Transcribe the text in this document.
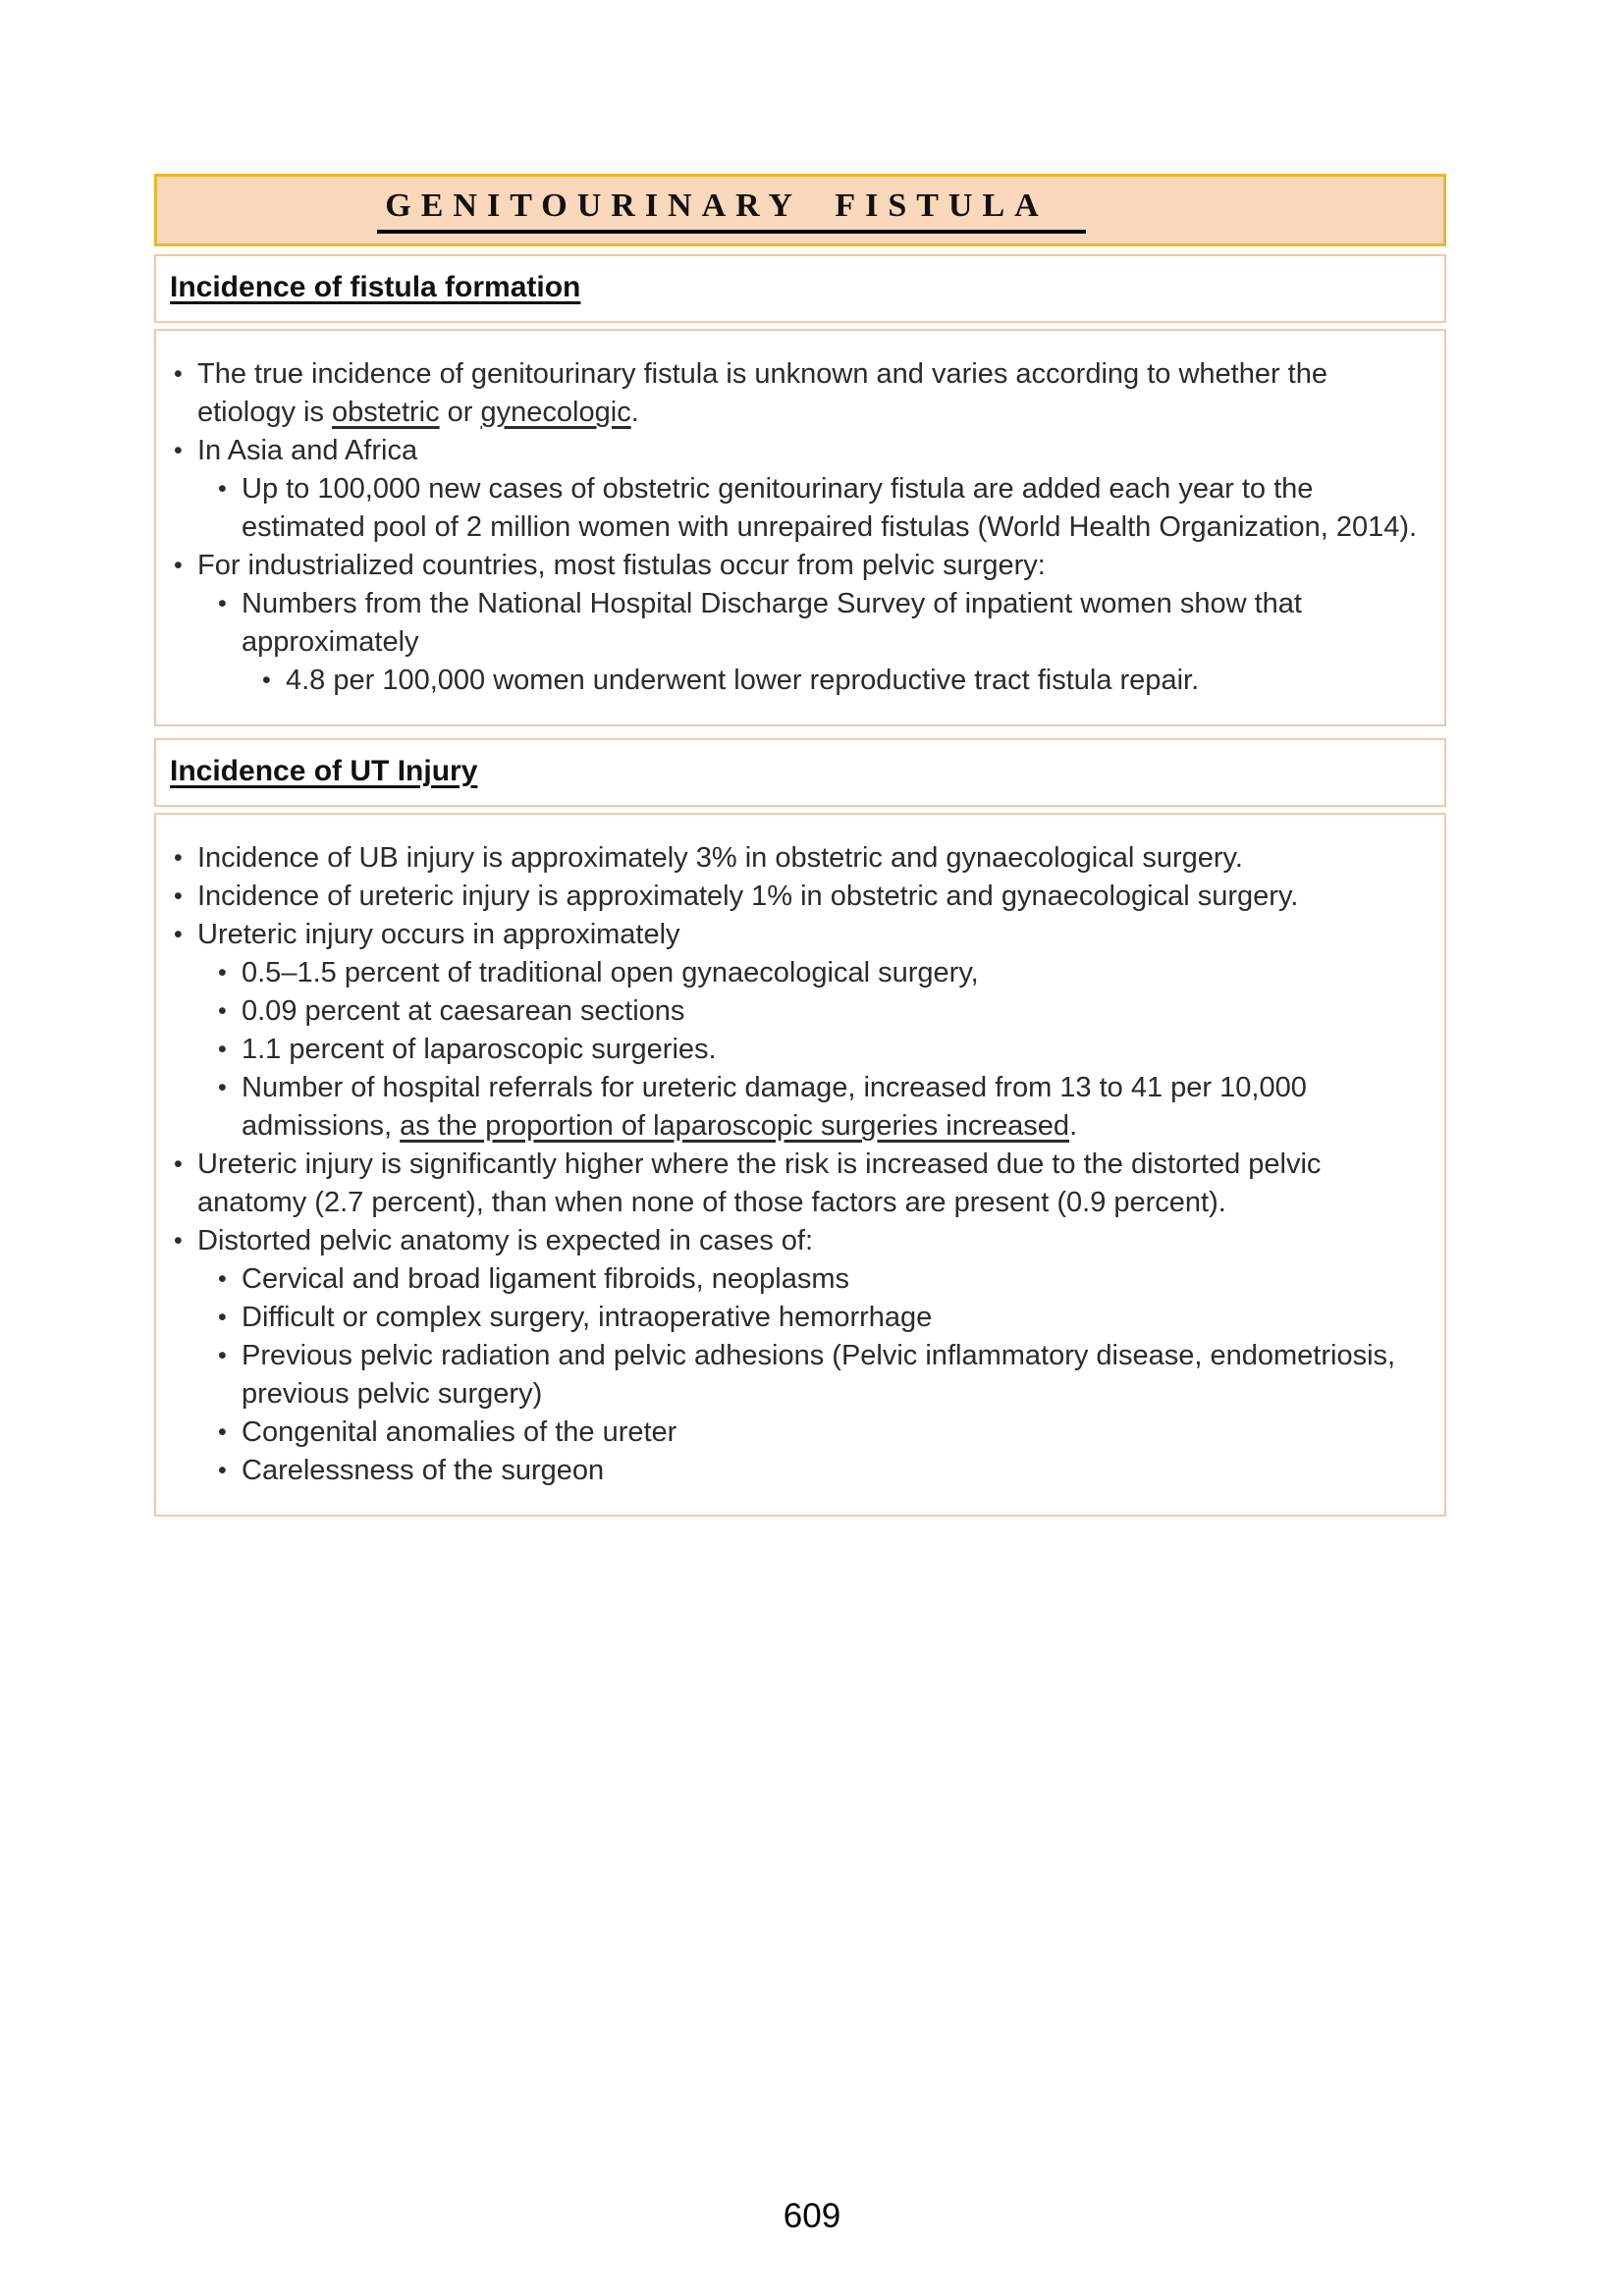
GENITOURINARY FISTULA
Incidence of fistula formation
• The true incidence of genitourinary fistula is unknown and varies according to whether the etiology is obstetric or gynecologic.
• In Asia and Africa
• Up to 100,000 new cases of obstetric genitourinary fistula are added each year to the estimated pool of 2 million women with unrepaired fistulas (World Health Organization, 2014).
• For industrialized countries, most fistulas occur from pelvic surgery:
• Numbers from the National Hospital Discharge Survey of inpatient women show that approximately
• 4.8 per 100,000 women underwent lower reproductive tract fistula repair.
Incidence of UT Injury
• Incidence of UB injury is approximately 3% in obstetric and gynaecological surgery.
• Incidence of ureteric injury is approximately 1% in obstetric and gynaecological surgery.
• Ureteric injury occurs in approximately
• 0.5–1.5 percent of traditional open gynaecological surgery,
• 0.09 percent at caesarean sections
• 1.1 percent of laparoscopic surgeries.
• Number of hospital referrals for ureteric damage, increased from 13 to 41 per 10,000 admissions, as the proportion of laparoscopic surgeries increased.
• Ureteric injury is significantly higher where the risk is increased due to the distorted pelvic anatomy (2.7 percent), than when none of those factors are present (0.9 percent).
• Distorted pelvic anatomy is expected in cases of:
• Cervical and broad ligament fibroids, neoplasms
• Difficult or complex surgery, intraoperative hemorrhage
• Previous pelvic radiation and pelvic adhesions (Pelvic inflammatory disease, endometriosis, previous pelvic surgery)
• Congenital anomalies of the ureter
• Carelessness of the surgeon
609
